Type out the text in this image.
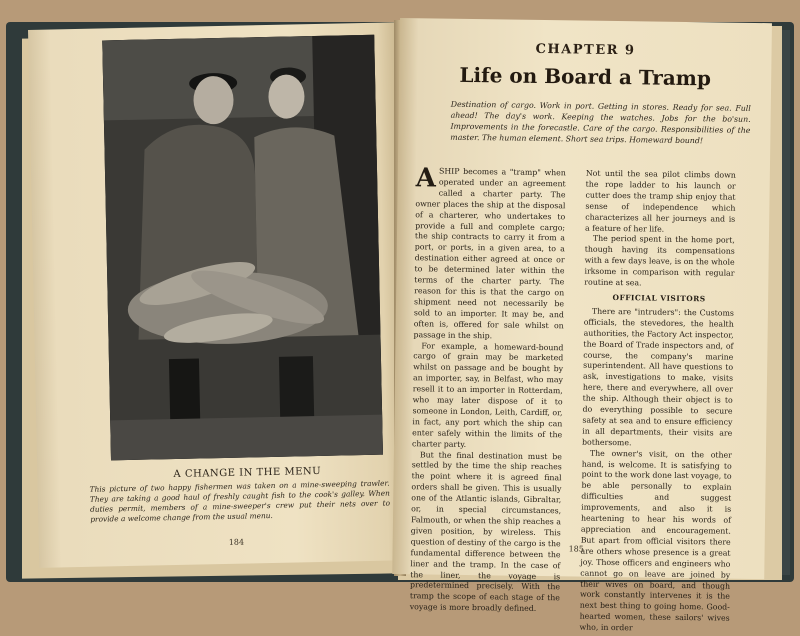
A CHANGE IN THE MENU
This picture of two happy fishermen was taken on a mine-sweeping trawler. They are taking a good haul of freshly caught fish to the cook's galley. When duties permit, members of a mine-sweeper's crew put their nets over to provide a welcome change from the usual menu.
184
CHAPTER 9
Life on Board a Tramp
Destination of cargo. Work in port. Getting in stores. Ready for sea. Full ahead! The day's work. Keeping the watches. Jobs for the bo'sun. Improvements in the forecastle. Care of the cargo. Responsibilities of the master. The human element. Short sea trips. Homeward bound!

ASHIP becomes a "tramp" when operated under an agreement called a charter party. The owner places the ship at the disposal of a charterer, who undertakes to provide a full and complete cargo; the ship contracts to carry it from a port, or ports, in a given area, to a destination either agreed at once or to be determined later within the terms of the charter party. The reason for this is that the cargo on shipment need not necessarily be sold to an importer. It may be, and often is, offered for sale whilst on passage in the ship.

For example, a homeward-bound cargo of grain may be marketed whilst on passage and be bought by an importer, say, in Belfast, who may resell it to an importer in Rotterdam, who may later dispose of it to someone in London, Leith, Cardiff, or, in fact, any port which the ship can enter safely within the limits of the charter party.

But the final destination must be settled by the time the ship reaches the point where it is agreed final orders shall be given. This is usually one of the Atlantic islands, Gibraltar, or, in special circumstances, Falmouth, or when the ship reaches a given position, by wireless. This question of destiny of the cargo is the fundamental difference between the liner and the tramp. In the case of the liner, the voyage is predetermined precisely. With the tramp the scope of each stage of the voyage is more broadly defined.

Not until the sea pilot climbs down the rope ladder to his launch or cutter does the tramp ship enjoy that sense of independence which characterizes all her journeys and is a feature of her life.

The period spent in the home port, though having its compensations with a few days leave, is on the whole irksome in comparison with regular routine at sea.

OFFICIAL VISITORS

There are "intruders": the Customs officials, the stevedores, the health authorities, the Factory Act inspector, the Board of Trade inspectors and, of course, the company's marine superintendent. All have questions to ask, investigations to make, visits here, there and everywhere, all over the ship. Although their object is to do everything possible to secure safety at sea and to ensure efficiency in all departments, their visits are bothersome.

The owner's visit, on the other hand, is welcome. It is satisfying to point to the work done last voyage, to be able personally to explain difficulties and suggest improvements, and also it is heartening to hear his words of appreciation and encouragement. But apart from official visitors there are others whose presence is a great joy. Those officers and engineers who cannot go on leave are joined by their wives on board, and though work constantly intervenes it is the next best thing to going home. Good-hearted women, these sailors' wives who, in order

185
